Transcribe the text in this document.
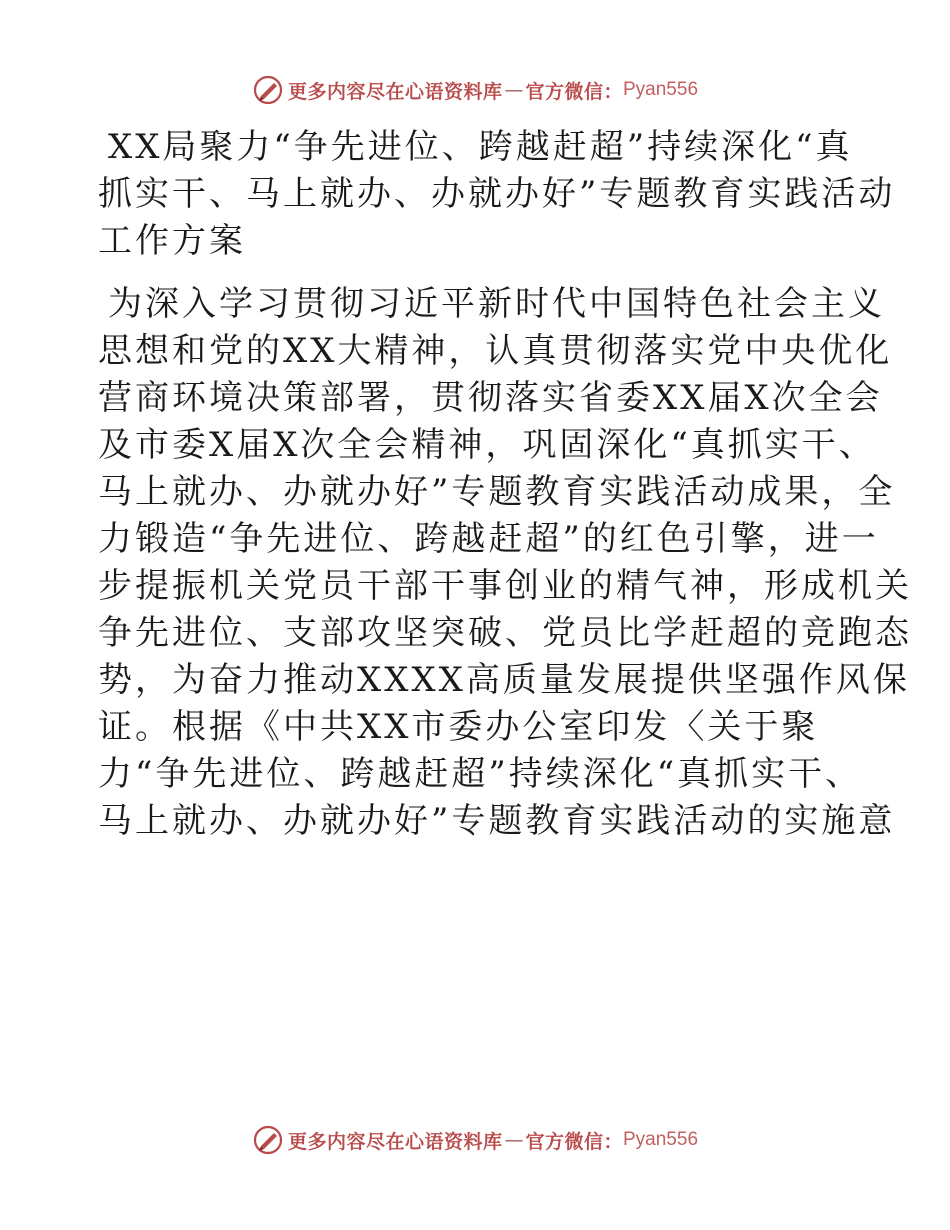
更多内容尽在心语资料库 — 官方微信： Pyan556
XX局聚力“争先进位、跨越赶超”持续深化“真
抓实干、马上就办、办就办好”专题教育实践活动
工作方案

为深入学习贯彻习近平新时代中国特色社会主义
思想和党的XX大精神，认真贯彻落实党中央优化
营商环境决策部署，贯彻落实省委XX届X次全会
及市委X届X次全会精神，巩固深化“真抓实干、
马上就办、办就办好”专题教育实践活动成果，全
力锻造“争先进位、跨越赶超”的红色引擎，进一
步提振机关党员干部干事创业的精气神，形成机关
争先进位、支部攻坚突破、党员比学赶超的竞跑态
势，为奋力推动XXXX高质量发展提供坚强作风保
证。根据《中共XX市委办公室印发〈关于聚
力“争先进位、跨越赶超”持续深化“真抓实干、
马上就办、办就办好”专题教育实践活动的实施意

更多内容尽在心语资料库 — 官方微信： Pyan556
